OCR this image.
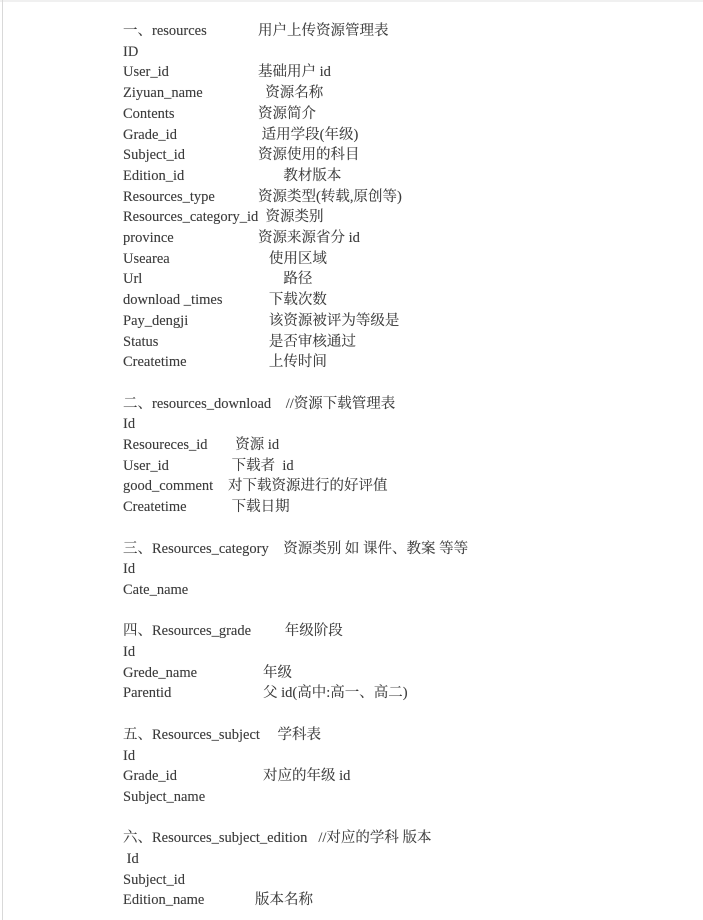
一、resources	用户上传资源管理表
ID
User_id	基础用户 id
Ziyuan_name	资源名称
Contents	资源简介
Grade_id	适用学段(年级)
Subject_id	资源使用的科目
Edition_id	教材版本
Resources_type	资源类型(转载,原创等)
Resources_category_id  资源类别
province	资源来源省分 id
Usearea	使用区域
Url	路径
download _times   下载次数
Pay_dengji	该资源被评为等级是
Status	是否审核通过
Createtime	上传时间
二、resources_download    //资源下载管理表
Id
Resoureces_id  资源 id
User_id	下载者  id
good_comment 对下载资源进行的好评值
Createtime	下载日期
三、Resources_category    资源类别 如 课件、教案 等等
Id
Cate_name
四、Resources_grade      年级阶段
Id
Grede_name	年级
Parentid	父 id(高中:高一、高二)
五、Resources_subject    学科表
Id
Grade_id	对应的年级 id
Subject_name
六、Resources_subject_edition   //对应的学科 版本
Id
Subject_id
Edition_name	版本名称
